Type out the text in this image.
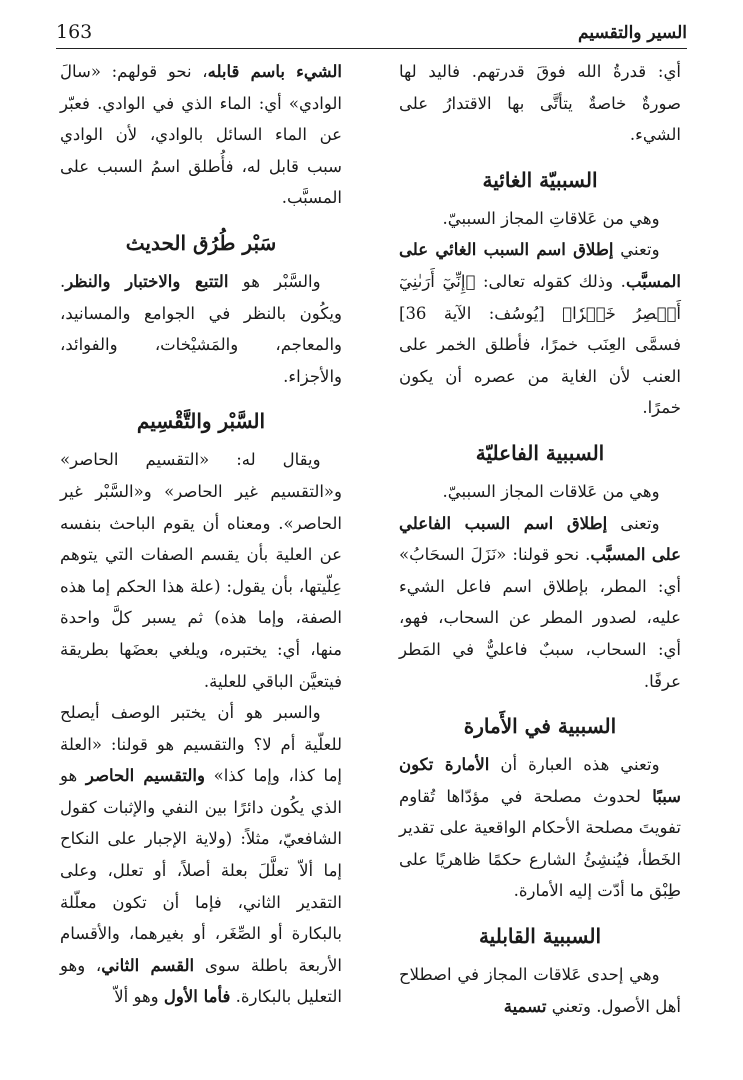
163	السير والتقسيم

أي: قدرةُ الله فوقَ قدرتهم. فاليد لها صورةٌ خاصةٌ يتأتَّى بها الاقتدارُ على الشيء.

السببيّة الغائية

وهي من عَلاقاتِ المجاز السببيّ.

وتعني إطلاق اسم السبب الغائي على المسبَّب. وذلك كقوله تعالى: ﴿إِنِّيٓ أَرَىٰنِيٓ أَعۡصِرُ خَمۡرٗا﴾ [يُوسُف: الآية 36] فسمَّى العِنَب خمرًا، فأطلق الخمر على العنب لأن الغاية من عصره أن يكون خمرًا.

السببية الفاعليّة

وهي من عَلاقات المجاز السببيّ.

وتعنى إطلاق اسم السبب الفاعلي على المسبَّب. نحو قولنا: «نَزَلَ السحَابُ» أي: المطر، بإطلاق اسم فاعل الشيء عليه، لصدور المطر عن السحاب، فهو، أي: السحاب، سببٌ فاعليٌّ في المَطر عرفًا.

السببية في الأَمارة

وتعني هذه العبارة أن الأمارة تكون سببًا لحدوث مصلحة في مؤدّاها تُقاوم تفويتَ مصلحة الأحكام الواقعية على تقدير الخَطأ، فيُنشِئُ الشارع حكمًا ظاهريًا على طِبْق ما أدّت إليه الأمارة.

السببية القابلية

وهي إحدى عَلاقات المجاز في اصطلاح أهل الأصول. وتعني تسمية

الشيء باسم قابله، نحو قولهم: «سالَ الوادي» أي: الماء الذي في الوادي. فعبّر عن الماء السائل بالوادي، لأن الوادي سبب قابل له، فأُطلق اسمُ السبب على المسبَّب.

سَبْر طُرُق الحديث

والسَّبْر هو التتبع والاختبار والنظر. ويكُون بالنظر في الجوامع والمسانيد، والمعاجم، والمَشيْخات، والفوائد، والأجزاء.

السَّبْر والتَّقْسِيم

ويقال له: «التقسيم الحاصر» و«التقسيم غير الحاصر» و«السَّبْر غير الحاصر». ومعناه أن يقوم الباحث بنفسه عن العلية بأن يقسم الصفات التي يتوهم عِلّيتها، بأن يقول: (علة هذا الحكم إما هذه الصفة، وإما هذه) ثم يسبر كلَّ واحدة منها، أي: يختبره، ويلغي بعضَها بطريقة فيتعيَّن الباقي للعلية.

والسبر هو أن يختبر الوصف أيصلح للعلّية أم لا؟ والتقسيم هو قولنا: «العلة إما كذا، وإما كذا» والتقسيم الحاصر هو الذي يكُون دائرًا بين النفي والإثبات كقول الشافعيّ، مثلاً: (ولاية الإجبار على النكاح إما ألاّ تعلَّلَ بعلة أصلاً، أو تعلل، وعلى التقدير الثاني، فإما أن تكون معلّلة بالبكارة أو الصِّغَر، أو بغيرهما، والأقسام الأربعة باطلة سوى القسم الثاني، وهو التعليل بالبكارة. فأما الأول وهو ألاّ
